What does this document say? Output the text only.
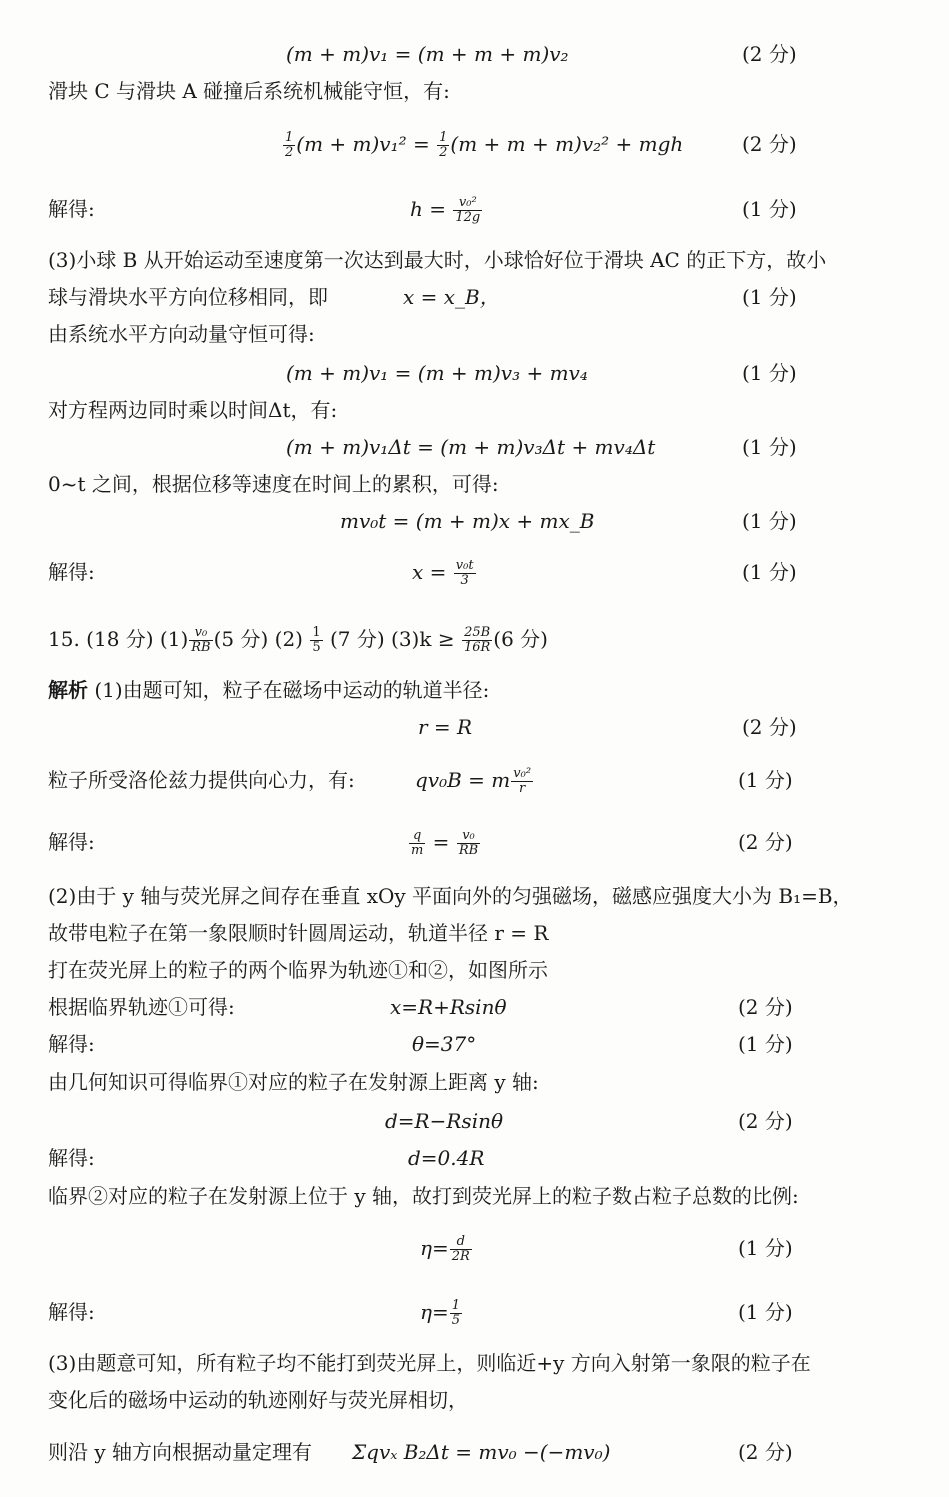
(m + m)v₁ = (m + m + m)v₂	(2 分)
滑块 C 与滑块 A 碰撞后系统机械能守恒，有:
$\frac{1}{2} (m + m)v_1^2 = \frac{1}{2} (m + m + m)v_2^2$ + mgh	(2 分)
解得:	$h = \frac{\text{v₀²}}{12g}$	(1 分)
(3)小球 B 从开始运动至速度第一次达到最大时，小球恰好位于滑块 AC 的正下方，故小
球与滑块水平方向位移相同，即	x = x_B，	(1 分)
由系统水平方向动量守恒可得:
(m + m)v₁ = (m + m)v₃ + mv₄	(1 分)
对方程两边同时乘以时间Δt，有:
(m + m)v₁Δt = (m + m)v₃Δt + mv₄Δt	(1 分)
0~t 之间，根据位移等速度在时间上的累积，可得:
mv₀t = (m + m)x + mx_B	(1 分)
解得:	$x = \frac{\text{v₀t}}{3}$	(1 分)
15. (18 分) $(1) \frac{\text{v₀}}{RB} (5$ 分) $(2) \frac{1}{5} (7$ 分) $(3)k \ge \frac{25B}{16R} (6$ 分)
解析 (1)由题可知，粒子在磁场中运动的轨道半径:
r = R	(2 分)
粒子所受洛伦兹力提供向心力，有:	qv₀B = m $\frac{\text{v₀²}}{r}$	(1 分)
解得:	$\frac{q}{m} = \frac{\text{v₀}}{RB}$	(2 分)
(2)由于 y 轴与荧光屏之间存在垂直 xOy 平面向外的匀强磁场，磁感应强度大小为 B₁=B，
故带电粒子在第一象限顺时针圆周运动，轨道半径 r = R
打在荧光屏上的粒子的两个临界为轨迹①和②，如图所示
根据临界轨迹①可得:	x=R+Rsinθ	(2 分)
解得:	θ=37°	(1 分)
由几何知识可得临界①对应的粒子在发射源上距离 y 轴:
d=R−Rsinθ	(2 分)
解得:	d=0.4R
临界②对应的粒子在发射源上位于 y 轴，故打到荧光屏上的粒子数占粒子总数的比例:
$\eta= \frac{d}{2R}$	(1 分)
解得:	$\eta= \frac{1}{5}$	(1 分)
(3)由题意可知，所有粒子均不能打到荧光屏上，则临近+y 方向入射第一象限的粒子在
变化后的磁场中运动的轨迹刚好与荧光屏相切，
则沿 y 轴方向根据动量定理有 Σqvₓ B₂Δt = mv₀ −(−mv₀)	(2 分)
